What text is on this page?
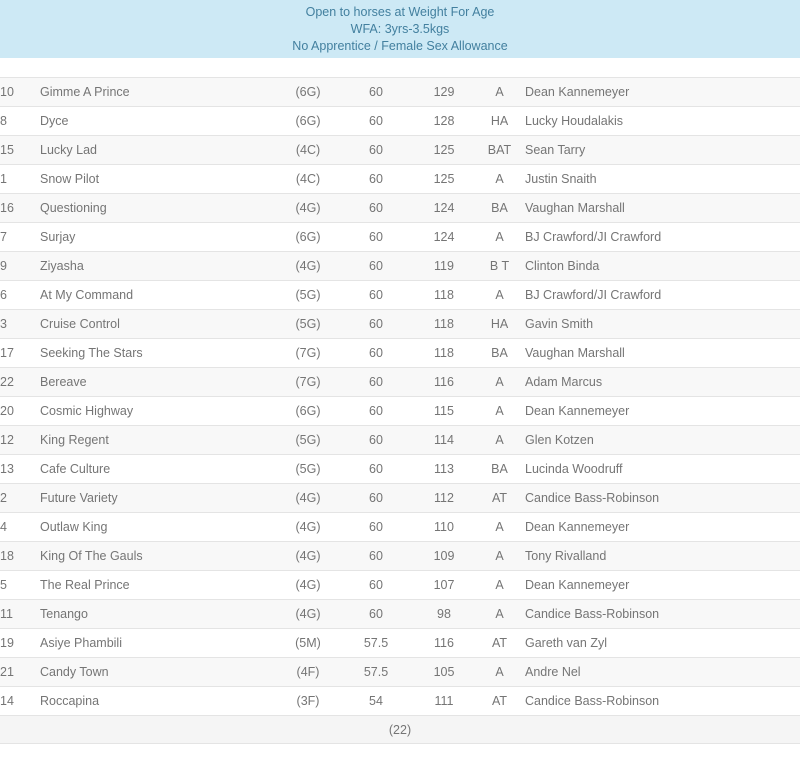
Open to horses at Weight For Age
WFA: 3yrs-3.5kgs
No Apprentice / Female Sex Allowance
10	Gimme A Prince	(6G)	60	129	A	Dean Kannemeyer
8	Dyce	(6G)	60	128	HA	Lucky Houdalakis
15	Lucky Lad	(4C)	60	125	BAT	Sean Tarry
1	Snow Pilot	(4C)	60	125	A	Justin Snaith
16	Questioning	(4G)	60	124	BA	Vaughan Marshall
7	Surjay	(6G)	60	124	A	BJ Crawford/JI Crawford
9	Ziyasha	(4G)	60	119	B T	Clinton Binda
6	At My Command	(5G)	60	118	A	BJ Crawford/JI Crawford
3	Cruise Control	(5G)	60	118	HA	Gavin Smith
17	Seeking The Stars	(7G)	60	118	BA	Vaughan Marshall
22	Bereave	(7G)	60	116	A	Adam Marcus
20	Cosmic Highway	(6G)	60	115	A	Dean Kannemeyer
12	King Regent	(5G)	60	114	A	Glen Kotzen
13	Cafe Culture	(5G)	60	113	BA	Lucinda Woodruff
2	Future Variety	(4G)	60	112	AT	Candice Bass-Robinson
4	Outlaw King	(4G)	60	110	A	Dean Kannemeyer
18	King Of The Gauls	(4G)	60	109	A	Tony Rivalland
5	The Real Prince	(4G)	60	107	A	Dean Kannemeyer
11	Tenango	(4G)	60	98	A	Candice Bass-Robinson
19	Asiye Phambili	(5M)	57.5	116	AT	Gareth van Zyl
21	Candy Town	(4F)	57.5	105	A	Andre Nel
14	Roccapina	(3F)	54	111	AT	Candice Bass-Robinson
(22)						
